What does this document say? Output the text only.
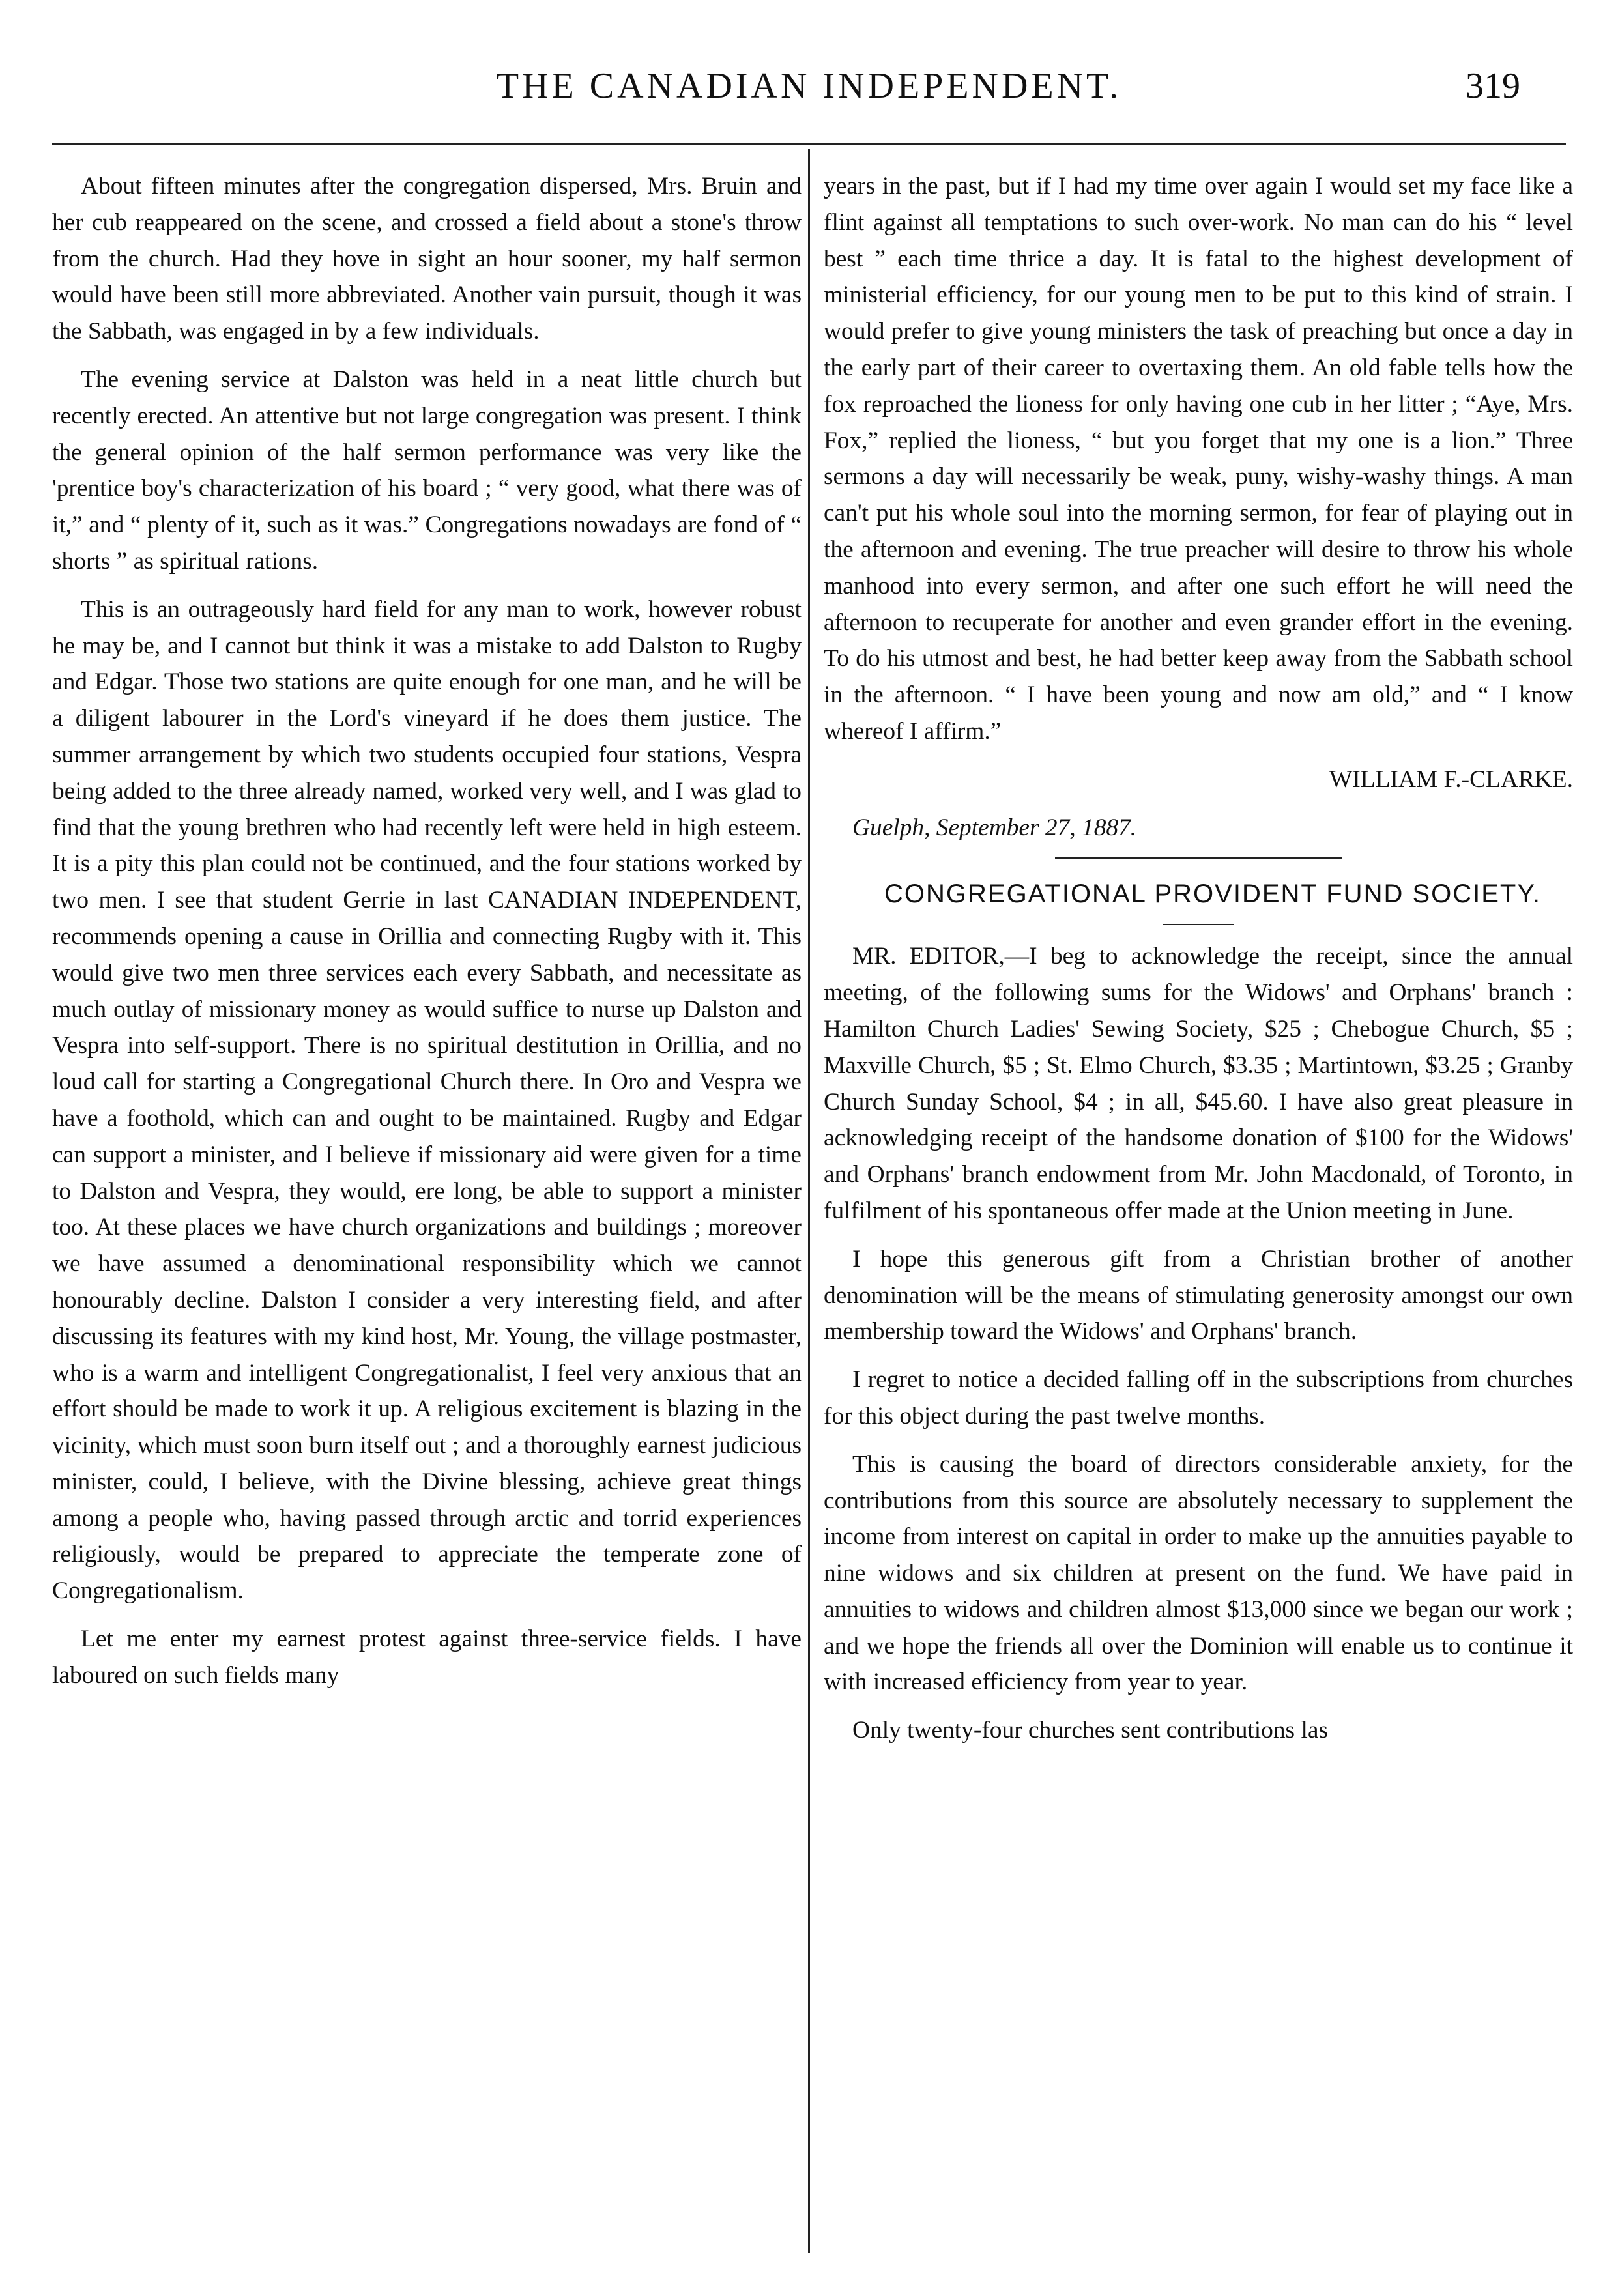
THE CANADIAN INDEPENDENT.	319

About fifteen minutes after the congregation dispersed, Mrs. Bruin and her cub reappeared on the scene, and crossed a field about a stone's throw from the church. Had they hove in sight an hour sooner, my half sermon would have been still more abbreviated. Another vain pursuit, though it was the Sabbath, was engaged in by a few individuals.

The evening service at Dalston was held in a neat little church but recently erected. An attentive but not large congregation was present. I think the general opinion of the half sermon performance was very like the 'prentice boy's characterization of his board ; “ very good, what there was of it,” and “ plenty of it, such as it was.” Congregations nowadays are fond of “ shorts ” as spiritual rations.

This is an outrageously hard field for any man to work, however robust he may be, and I cannot but think it was a mistake to add Dalston to Rugby and Edgar. Those two stations are quite enough for one man, and he will be a diligent labourer in the Lord's vineyard if he does them justice. The summer arrangement by which two students occupied four stations, Vespra being added to the three already named, worked very well, and I was glad to find that the young brethren who had recently left were held in high esteem. It is a pity this plan could not be continued, and the four stations worked by two men. I see that student Gerrie in last CANADIAN INDEPENDENT, recommends opening a cause in Orillia and connecting Rugby with it. This would give two men three services each every Sabbath, and necessitate as much outlay of missionary money as would suffice to nurse up Dalston and Vespra into self-support. There is no spiritual destitution in Orillia, and no loud call for starting a Congregational Church there. In Oro and Vespra we have a foothold, which can and ought to be maintained. Rugby and Edgar can support a minister, and I believe if missionary aid were given for a time to Dalston and Vespra, they would, ere long, be able to support a minister too. At these places we have church organizations and buildings ; moreover we have assumed a denominational responsibility which we cannot honourably decline. Dalston I consider a very interesting field, and after discussing its features with my kind host, Mr. Young, the village postmaster, who is a warm and intelligent Congregationalist, I feel very anxious that an effort should be made to work it up. A religious excitement is blazing in the vicinity, which must soon burn itself out ; and a thoroughly earnest judicious minister, could, I believe, with the Divine blessing, achieve great things among a people who, having passed through arctic and torrid experiences religiously, would be prepared to appreciate the temperate zone of Congregationalism.

Let me enter my earnest protest against three-service fields. I have laboured on such fields many

years in the past, but if I had my time over again I would set my face like a flint against all temptations to such over-work. No man can do his “ level best ” each time thrice a day. It is fatal to the highest development of ministerial efficiency, for our young men to be put to this kind of strain. I would prefer to give young ministers the task of preaching but once a day in the early part of their career to overtaxing them. An old fable tells how the fox reproached the lioness for only having one cub in her litter ; “Aye, Mrs. Fox,” replied the lioness, “ but you forget that my one is a lion.” Three sermons a day will necessarily be weak, puny, wishy-washy things. A man can't put his whole soul into the morning sermon, for fear of playing out in the afternoon and evening. The true preacher will desire to throw his whole manhood into every sermon, and after one such effort he will need the afternoon to recuperate for another and even grander effort in the evening. To do his utmost and best, he had better keep away from the Sabbath school in the afternoon. “ I have been young and now am old,” and “ I know whereof I affirm.”

WILLIAM F.-CLARKE.

Guelph, September 27, 1887.

CONGREGATIONAL PROVIDENT FUND SOCIETY.

MR. EDITOR,—I beg to acknowledge the receipt, since the annual meeting, of the following sums for the Widows' and Orphans' branch : Hamilton Church Ladies' Sewing Society, $25 ; Chebogue Church, $5 ; Maxville Church, $5 ; St. Elmo Church, $3.35 ; Martintown, $3.25 ; Granby Church Sunday School, $4 ; in all, $45.60. I have also great pleasure in acknowledging receipt of the handsome donation of $100 for the Widows' and Orphans' branch endowment from Mr. John Macdonald, of Toronto, in fulfilment of his spontaneous offer made at the Union meeting in June.

I hope this generous gift from a Christian brother of another denomination will be the means of stimulating generosity amongst our own membership toward the Widows' and Orphans' branch.

I regret to notice a decided falling off in the subscriptions from churches for this object during the past twelve months.

This is causing the board of directors considerable anxiety, for the contributions from this source are absolutely necessary to supplement the income from interest on capital in order to make up the annuities payable to nine widows and six children at present on the fund. We have paid in annuities to widows and children almost $13,000 since we began our work ; and we hope the friends all over the Dominion will enable us to continue it with increased efficiency from year to year.

Only twenty-four churches sent contributions las
